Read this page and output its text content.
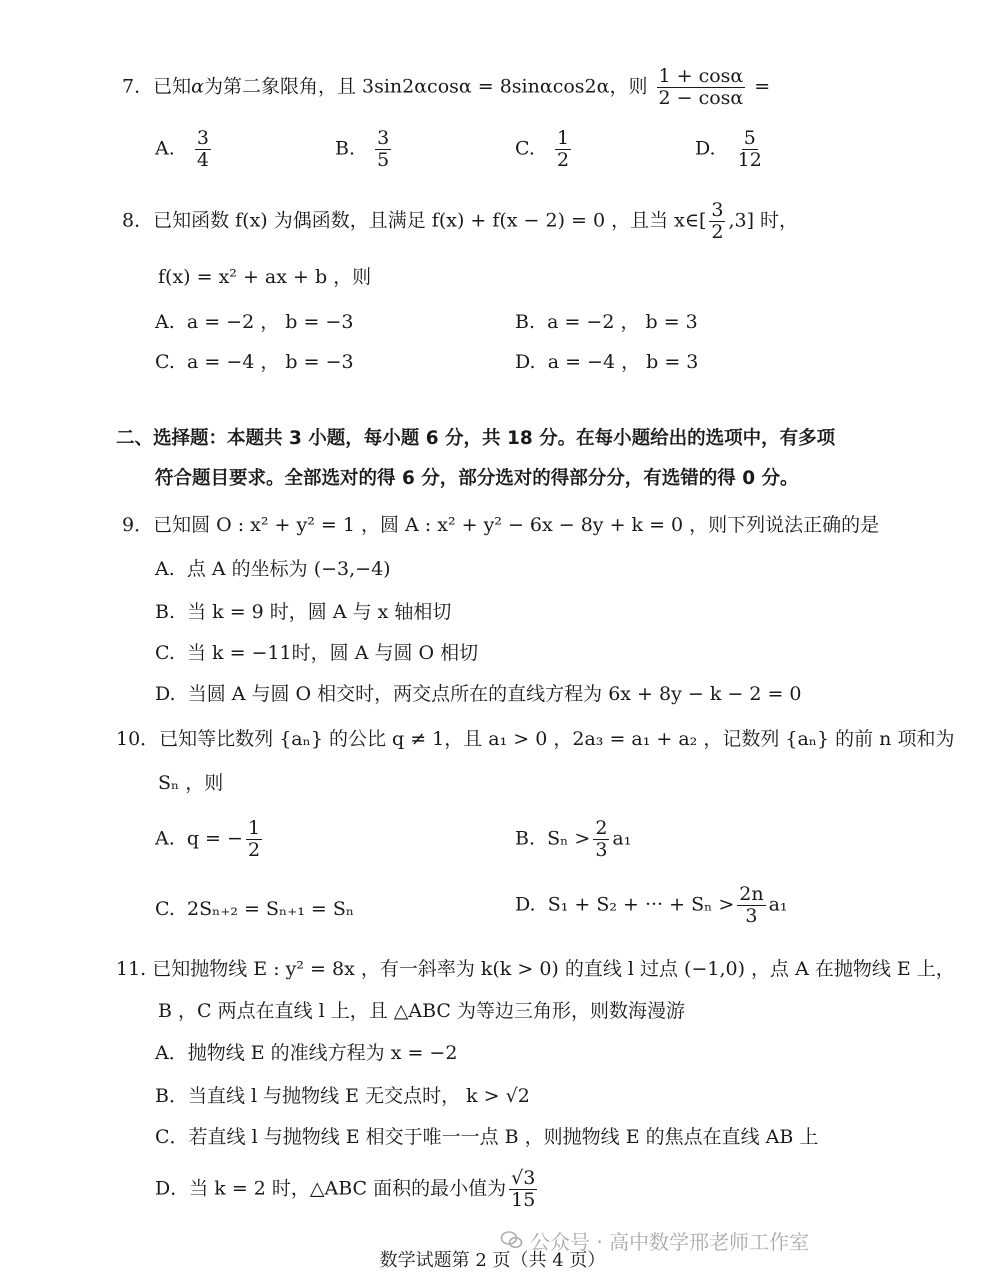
7．已知α为第二象限角，且 3sin2αcosα = 8sinαcos2α，则 $\frac{1 + \cos\alpha}{2 - \cos\alpha}$ =
A. $\frac{3}{4}$	B. $\frac{3}{5}$	C. $\frac{1}{2}$	D. $\frac{5}{12}$
8．已知函数 f(x) 为偶函数，且满足 f(x) + f(x − 2) = 0 ，且当 x∈[ $\frac{3}{2} ,3$] 时，
f(x) = x² + ax + b ，则
A. a = −2 ， b = −3	B. a = −2 ， b = 3
C. a = −4 ， b = −3	D. a = −4 ， b = 3
二、选择题：本题共 3 小题，每小题 6 分，共 18 分。在每小题给出的选项中，有多项
符合题目要求。全部选对的得 6 分，部分选对的得部分分，有选错的得 0 分。
9．已知圆 O : x² + y² = 1 ，圆 A : x² + y² − 6x − 8y + k = 0 ，则下列说法正确的是
A. 点 A 的坐标为 (−3,−4)
B. 当 k = 9 时，圆 A 与 x 轴相切
C. 当 k = −11时，圆 A 与圆 O 相切
D. 当圆 A 与圆 O 相交时，两交点所在的直线方程为 6x + 8y − k − 2 = 0
10．已知等比数列 {aₙ} 的公比 q ≠ 1，且 a₁ > 0 ，2a₃ = a₁ + a₂ ，记数列 {aₙ} 的前 n 项和为
Sₙ ，则
A. q = − $\frac{1}{2}$	B. $S_n > \frac{2}{3} a_1$
C. 2Sₙ₊₂ = Sₙ₊₁ = Sₙ	D. S₁ + S₂ + ··· + $S_n > \frac{2n}{3} a_1$
11. 已知抛物线 E : y² = 8x ，有一斜率为 k(k > 0) 的直线 l 过点 (−1,0) ，点 A 在抛物线 E 上，
B ，C 两点在直线 l 上，且 △ABC 为等边三角形，则数海漫游
A．抛物线 E 的准线方程为 x = −2
B．当直线 l 与抛物线 E 无交点时， k > √2
C．若直线 l 与抛物线 E 相交于唯一一点 B ，则抛物线 E 的焦点在直线 AB 上
D．当 k = 2 时，△ABC 面积的最小值为 $\frac{√3}{15}$
公众号 · 高中数学邢老师工作室
数学试题第 2 页（共 4 页）
